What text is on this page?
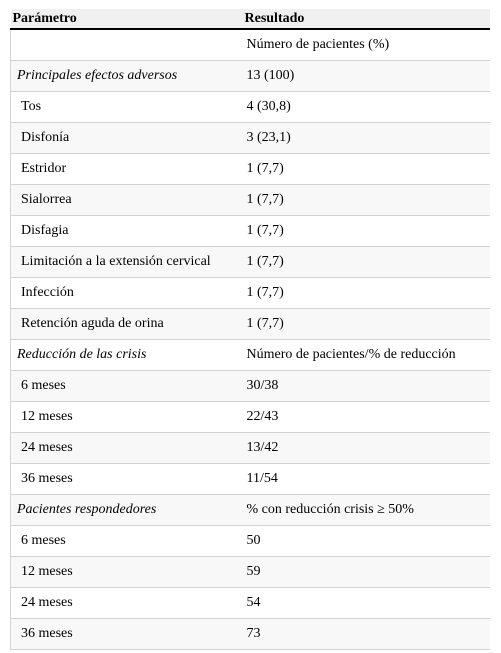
Parámetro	Resultado
	Número de pacientes (%)
Principales efectos adversos	13 (100)
Tos	4 (30,8)
Disfonía	3 (23,1)
Estridor	1 (7,7)
Sialorrea	1 (7,7)
Disfagia	1 (7,7)
Limitación a la extensión cervical	1 (7,7)
Infección	1 (7,7)
Retención aguda de orina	1 (7,7)
Reducción de las crisis	Número de pacientes/% de reducción
6 meses	30/38
12 meses	22/43
24 meses	13/42
36 meses	11/54
Pacientes respondedores	% con reducción crisis ≥ 50%
6 meses	50
12 meses	59
24 meses	54
36 meses	73
